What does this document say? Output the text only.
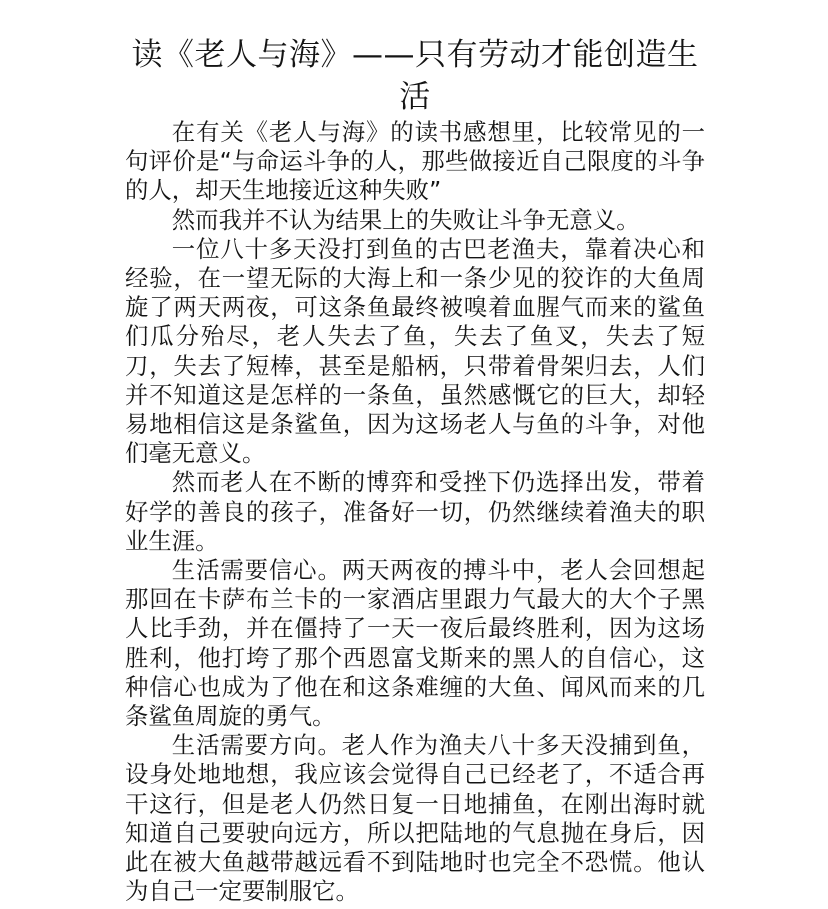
读《老人与海》——只有劳动才能创造生活

在有关《老人与海》的读书感想里，比较常见的一句评价是“与命运斗争的人，那些做接近自己限度的斗争的人，却天生地接近这种失败”

然而我并不认为结果上的失败让斗争无意义。

一位八十多天没打到鱼的古巴老渔夫，靠着决心和经验，在一望无际的大海上和一条少见的狡诈的大鱼周旋了两天两夜，可这条鱼最终被嗅着血腥气而来的鲨鱼们瓜分殆尽，老人失去了鱼，失去了鱼叉，失去了短刀，失去了短棒，甚至是船柄，只带着骨架归去，人们并不知道这是怎样的一条鱼，虽然感慨它的巨大，却轻易地相信这是条鲨鱼，因为这场老人与鱼的斗争，对他们毫无意义。

然而老人在不断的博弈和受挫下仍选择出发，带着好学的善良的孩子，准备好一切，仍然继续着渔夫的职业生涯。

生活需要信心。两天两夜的搏斗中，老人会回想起那回在卡萨布兰卡的一家酒店里跟力气最大的大个子黑人比手劲，并在僵持了一天一夜后最终胜利，因为这场胜利，他打垮了那个西恩富戈斯来的黑人的自信心，这种信心也成为了他在和这条难缠的大鱼、闻风而来的几条鲨鱼周旋的勇气。

生活需要方向。老人作为渔夫八十多天没捕到鱼，设身处地地想，我应该会觉得自己已经老了，不适合再干这行，但是老人仍然日复一日地捕鱼，在刚出海时就知道自己要驶向远方，所以把陆地的气息抛在身后，因此在被大鱼越带越远看不到陆地时也完全不恐慌。他认为自己一定要制服它。
